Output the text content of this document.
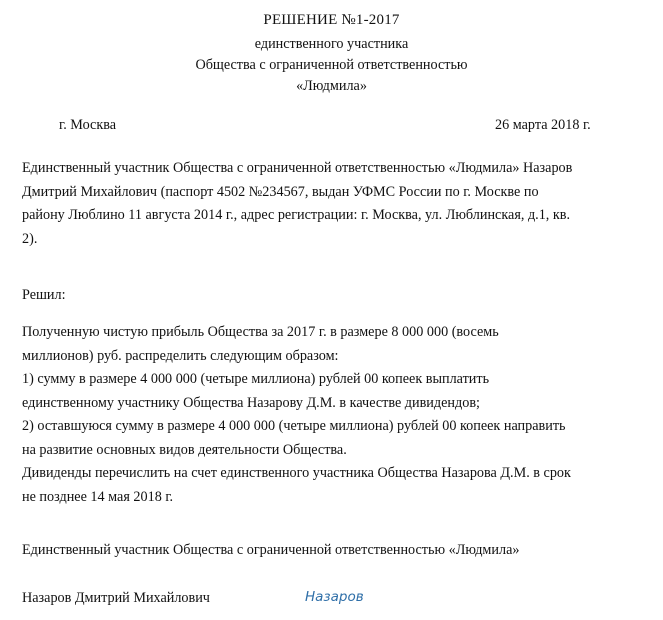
РЕШЕНИЕ №1-2017
единственного участника
Общества с ограниченной ответственностью
«Людмила»
г. Москва	26 марта 2018 г.
Единственный участник Общества с ограниченной ответственностью «Людмила» Назаров
Дмитрий Михайлович (паспорт 4502 №234567, выдан УФМС России по г. Москве по
району Люблино 11 августа 2014 г., адрес регистрации: г. Москва, ул. Люблинская, д.1, кв.
2).
Решил:
Полученную чистую прибыль Общества за 2017 г. в размере 8 000 000 (восемь
миллионов) руб. распределить следующим образом:
1) сумму в размере 4 000 000 (четыре миллиона) рублей 00 копеек выплатить
единственному участнику Общества Назарову Д.М. в качестве дивидендов;
2) оставшуюся сумму в размере 4 000 000 (четыре миллиона) рублей 00 копеек направить
на развитие основных видов деятельности Общества.
Дивиденды перечислить на счет единственного участника Общества Назарова Д.М. в срок
не позднее 14 мая 2018 г.
Единственный участник Общества с ограниченной ответственностью «Людмила»
Назаров Дмитрий Михайлович	Назаров
